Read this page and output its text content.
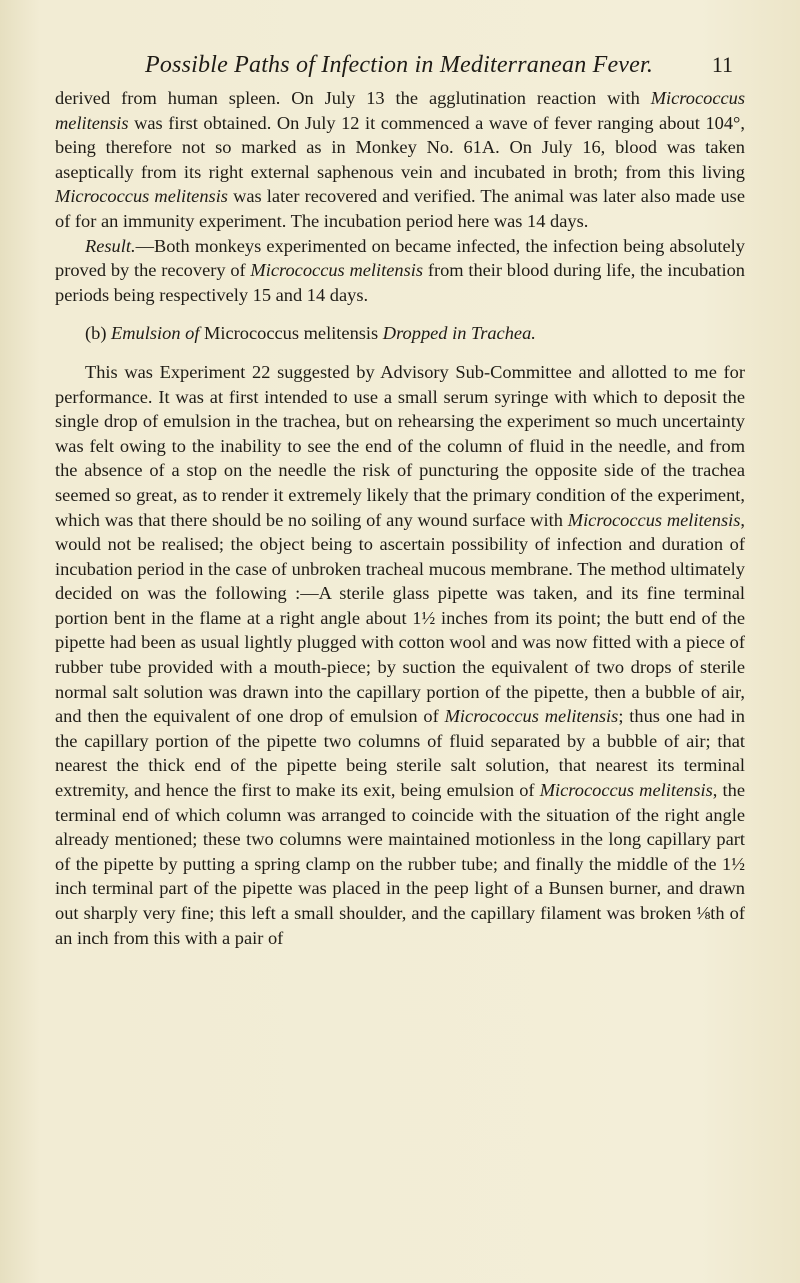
Possible Paths of Infection in Mediterranean Fever.	11

derived from human spleen. On July 13 the agglutination reaction with Micrococcus melitensis was first obtained. On July 12 it commenced a wave of fever ranging about 104°, being therefore not so marked as in Monkey No. 61A. On July 16, blood was taken aseptically from its right external saphenous vein and incubated in broth; from this living Micrococcus melitensis was later recovered and verified. The animal was later also made use of for an immunity experiment. The incubation period here was 14 days.

Result.—Both monkeys experimented on became infected, the infection being absolutely proved by the recovery of Micrococcus melitensis from their blood during life, the incubation periods being respectively 15 and 14 days.

(b) Emulsion of Micrococcus melitensis Dropped in Trachea.

This was Experiment 22 suggested by Advisory Sub-Committee and allotted to me for performance. It was at first intended to use a small serum syringe with which to deposit the single drop of emulsion in the trachea, but on rehearsing the experiment so much uncertainty was felt owing to the inability to see the end of the column of fluid in the needle, and from the absence of a stop on the needle the risk of puncturing the opposite side of the trachea seemed so great, as to render it extremely likely that the primary condition of the experiment, which was that there should be no soiling of any wound surface with Micrococcus melitensis, would not be realised; the object being to ascertain possibility of infection and duration of incubation period in the case of unbroken tracheal mucous membrane. The method ultimately decided on was the following :—A sterile glass pipette was taken, and its fine terminal portion bent in the flame at a right angle about 1½ inches from its point; the butt end of the pipette had been as usual lightly plugged with cotton wool and was now fitted with a piece of rubber tube provided with a mouth-piece; by suction the equivalent of two drops of sterile normal salt solution was drawn into the capillary portion of the pipette, then a bubble of air, and then the equivalent of one drop of emulsion of Micrococcus melitensis; thus one had in the capillary portion of the pipette two columns of fluid separated by a bubble of air; that nearest the thick end of the pipette being sterile salt solution, that nearest its terminal extremity, and hence the first to make its exit, being emulsion of Micrococcus melitensis, the terminal end of which column was arranged to coincide with the situation of the right angle already mentioned; these two columns were maintained motionless in the long capillary part of the pipette by putting a spring clamp on the rubber tube; and finally the middle of the 1½ inch terminal part of the pipette was placed in the peep light of a Bunsen burner, and drawn out sharply very fine; this left a small shoulder, and the capillary filament was broken ⅛th of an inch from this with a pair of
